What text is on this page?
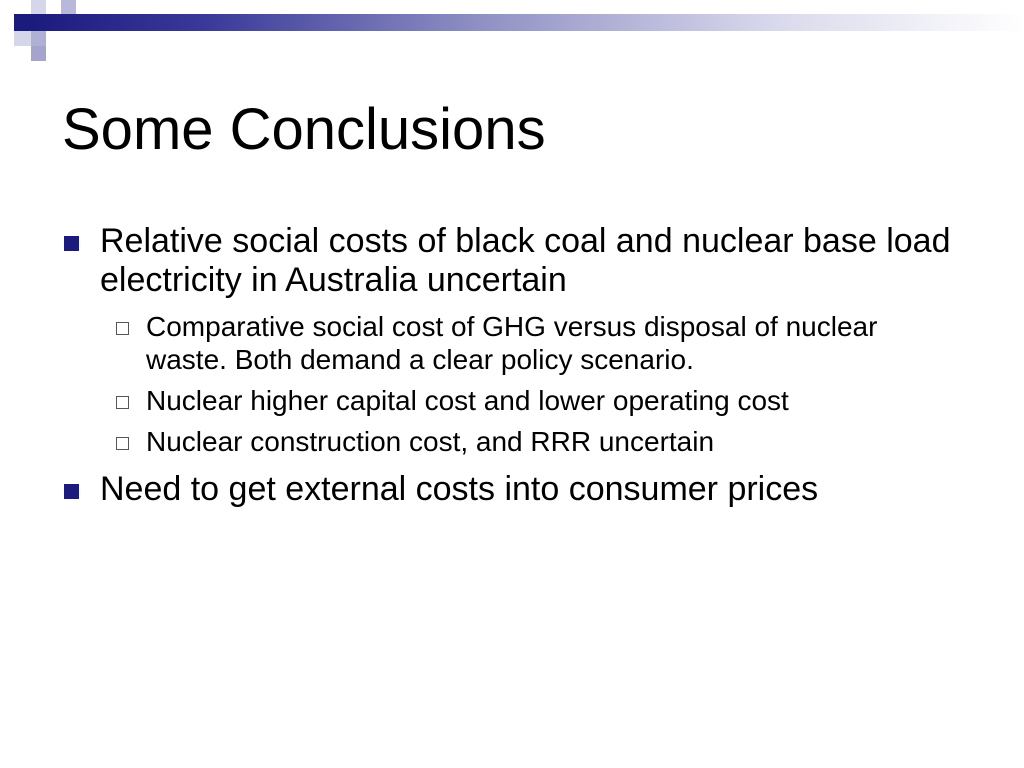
Some Conclusions
Relative social costs of black coal and nuclear base load electricity in Australia uncertain
Comparative social cost of GHG versus disposal of nuclear waste. Both demand a clear policy scenario.
Nuclear higher capital cost and lower operating cost
Nuclear construction cost, and RRR uncertain
Need to get external costs into consumer prices
